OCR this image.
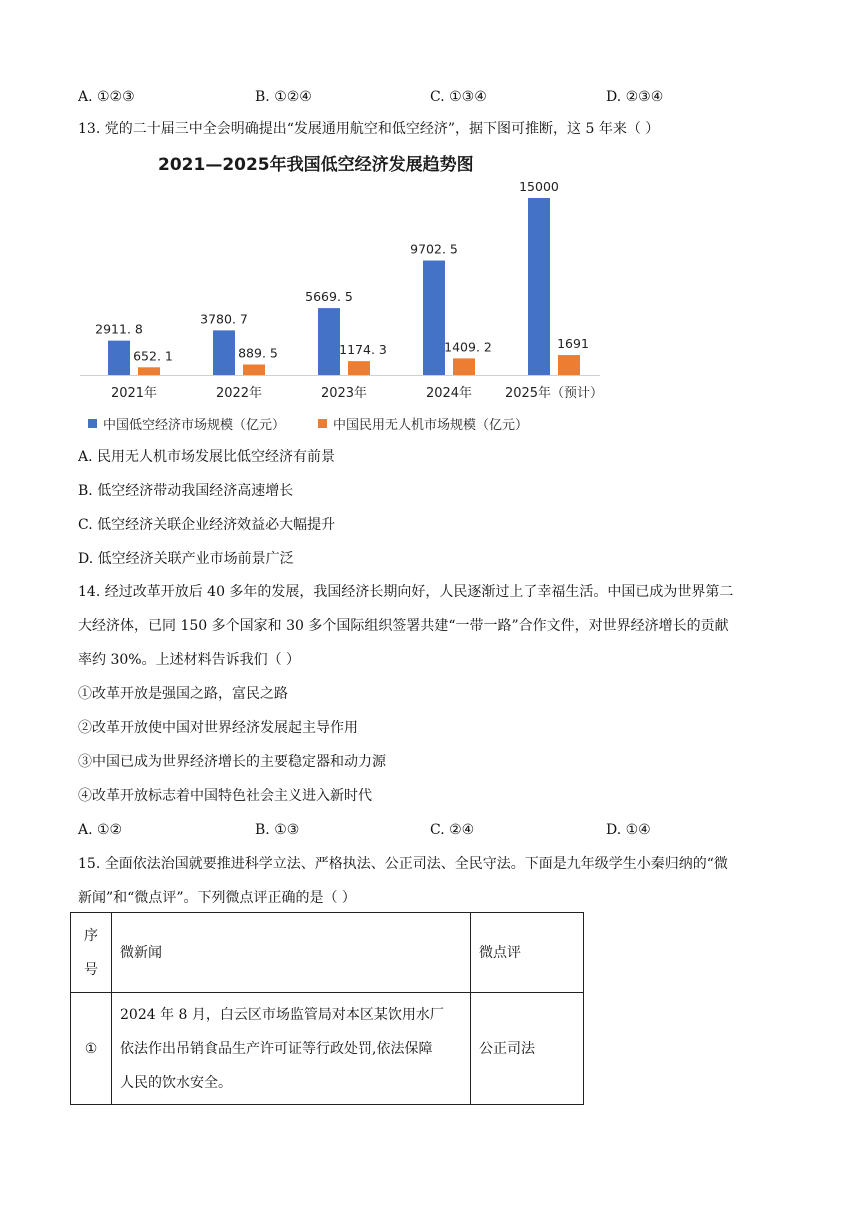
A. ①②③	B. ①②④	C. ①③④	D. ②③④
13. 党的二十届三中全会明确提出“发展通用航空和低空经济”，据下图可推断，这 5 年来（ ）
2021—2025年我国低空经济发展趋势图
2911. 8
652. 1
2021年
3780. 7
889. 5
2022年
5669. 5
1174. 3
2023年
9702. 5
1409. 2
2024年
15000
1691
2025年（预计）
中国低空经济市场规模（亿元）	中国民用无人机市场规模（亿元）
A. 民用无人机市场发展比低空经济有前景
B. 低空经济带动我国经济高速增长
C. 低空经济关联企业经济效益必大幅提升
D. 低空经济关联产业市场前景广泛
14. 经过改革开放后 40 多年的发展，我国经济长期向好，人民逐渐过上了幸福生活。中国已成为世界第二
大经济体，已同 150 多个国家和 30 多个国际组织签署共建“一带一路”合作文件，对世界经济增长的贡献
率约 30%。上述材料告诉我们（ ）
①改革开放是强国之路，富民之路
②改革开放使中国对世界经济发展起主导作用
③中国已成为世界经济增长的主要稳定器和动力源
④改革开放标志着中国特色社会主义进入新时代
A. ①②	B. ①③	C. ②④	D. ①④
15. 全面依法治国就要推进科学立法、严格执法、公正司法、全民守法。下面是九年级学生小秦归纳的“微
新闻”和“微点评”。下列微点评正确的是（ ）
序
号	微新闻	微点评
①	2024 年 8 月，白云区市场监管局对本区某饮用水厂
依法作出吊销食品生产许可证等行政处罚,依法保障
人民的饮水安全。	公正司法
